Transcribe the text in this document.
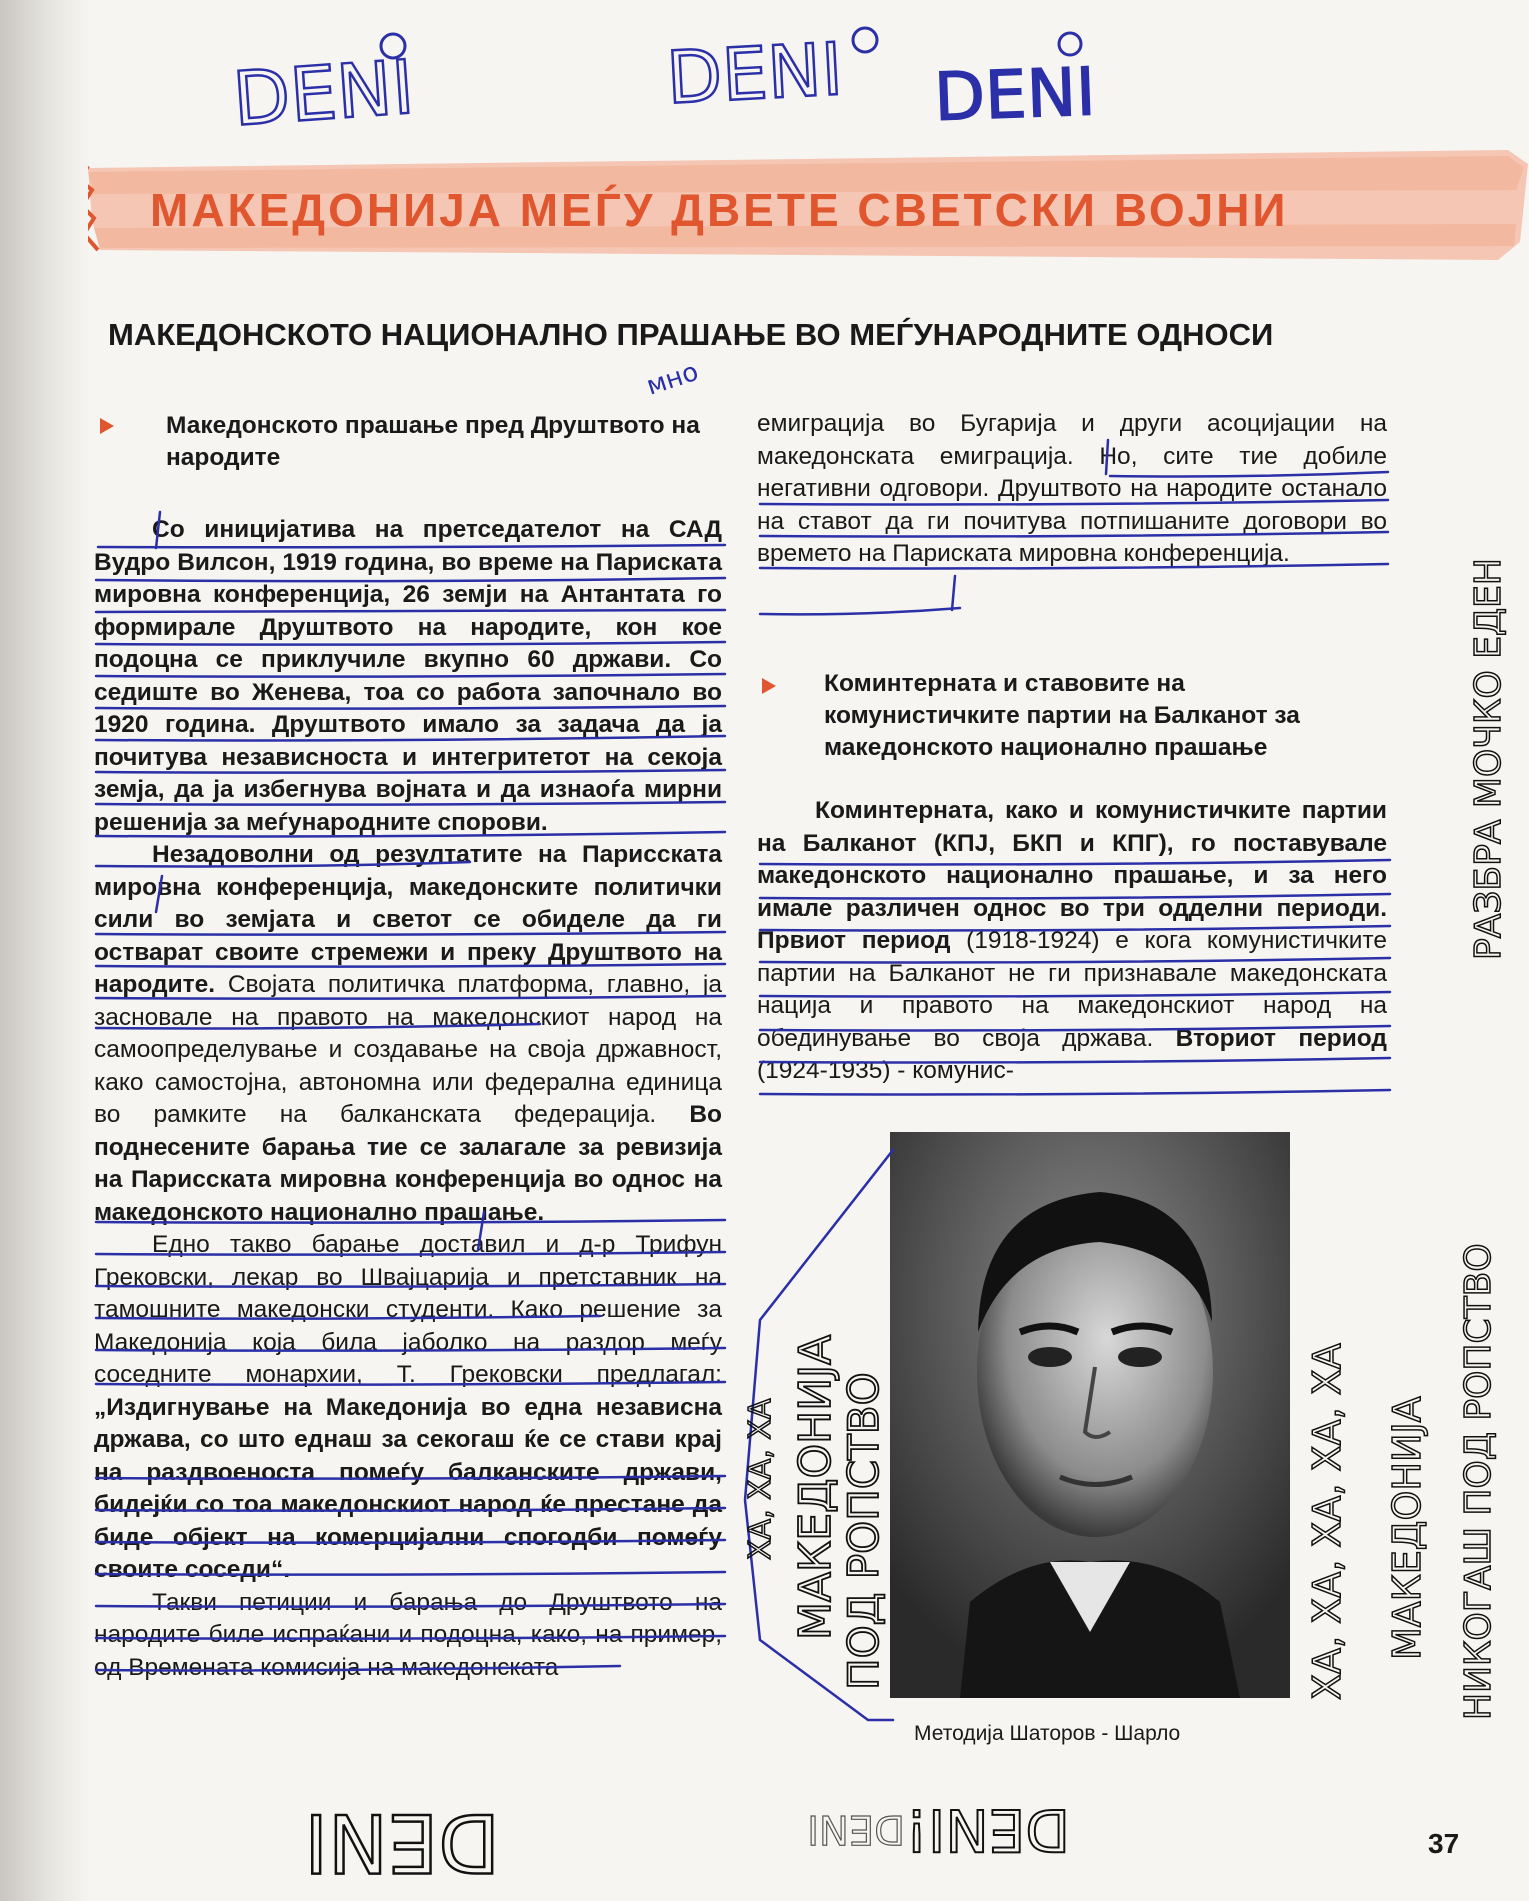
МАКЕДОНИЈА МЕЃУ ДВЕТЕ СВЕТСКИ ВОЈНИ
МАКЕДОНСКОТО НАЦИОНАЛНО ПРАШАЊЕ ВО МЕЃУНАРОДНИТЕ ОДНОСИ
Македонското прашање пред Друштвото на народите

Со иницијатива на претседателот на САД Вудро Вилсон, 1919 година, во време на Париската мировна конференција, 26 земји на Антантата го формирале Друштвото на народите, кон кое подоцна се приклучиле вкупно 60 држави. Со седиште во Женева, тоа со работа започнало во 1920 година. Друштвото имало за задача да ја почитува независноста и интегритетот на секоја земја, да ја избегнува војната и да изнаоѓа мирни решенија за меѓународните спорови.

Незадоволни од резултатите на Парисската мировна конференција, македонските политички сили во земјата и светот се обиделе да ги остварат своите стремежи и преку Друштвото на народите. Својата политичка платформа, главно, ја засновале на правото на македонскиот народ на самоопределување и создавање на своја државност, како самостојна, автономна или федерална единица во рамките на балканската федерација. Во поднесените барања тие се залагале за ревизија на Парисската мировна конференција во однос на македонското национално прашање.

Едно такво барање доставил и д-р Трифун Грековски, лекар во Швајцарија и претставник на тамошните македонски студенти. Како решение за Македонија која била јаболко на раздор меѓу соседните монархии, Т. Грековски предлагал: „Издигнување на Македонија во една независна држава, со што еднаш за секогаш ќе се стави крај на раздвоеноста помеѓу балканските држави, бидејќи со тоа македонскиот народ ќе престане да биде објект на комерцијални спогодби помеѓу своите соседи“.

Такви петиции и барања до Друштвото на народите биле испраќани и подоцна, како, на пример, од Времената комисија на македонската

емиграција во Бугарија и други асоцијации на македонската емиграција. Но, сите тие добиле негативни одговори. Друштвото на народите останало на ставот да ги почитува потпишаните договори во времето на Париската мировна конференција.

Коминтерната и ставовите на комунистичките партии на Балканот за македонското национално прашање

Коминтерната, како и комунистичките партии на Балканот (КПЈ, БКП и КПГ), го поставувале македонското национално прашање, и за него имале различен однос во три одделни периоди. Првиот период (1918-1924) е кога комунистичките партии на Балканот не ги признавале македонската нација и правото на македонскиот народ на обединување во своја држава. Вториот период (1924-1935) - комунис-

Методија Шаторов - Шарло
37
DENI	DENI DENI
мно
DENI	DENI!
DENI
МАКЕДОНИЈА
ПОД РОПСТВО
ХА, ХА, ХА	ХА, ХА, ХА, ХА, ХА МАКЕДОНИЈА НИКОГАШ ПОД РОПСТВО
РАЗБРА МОЧКО ЕДЕН
